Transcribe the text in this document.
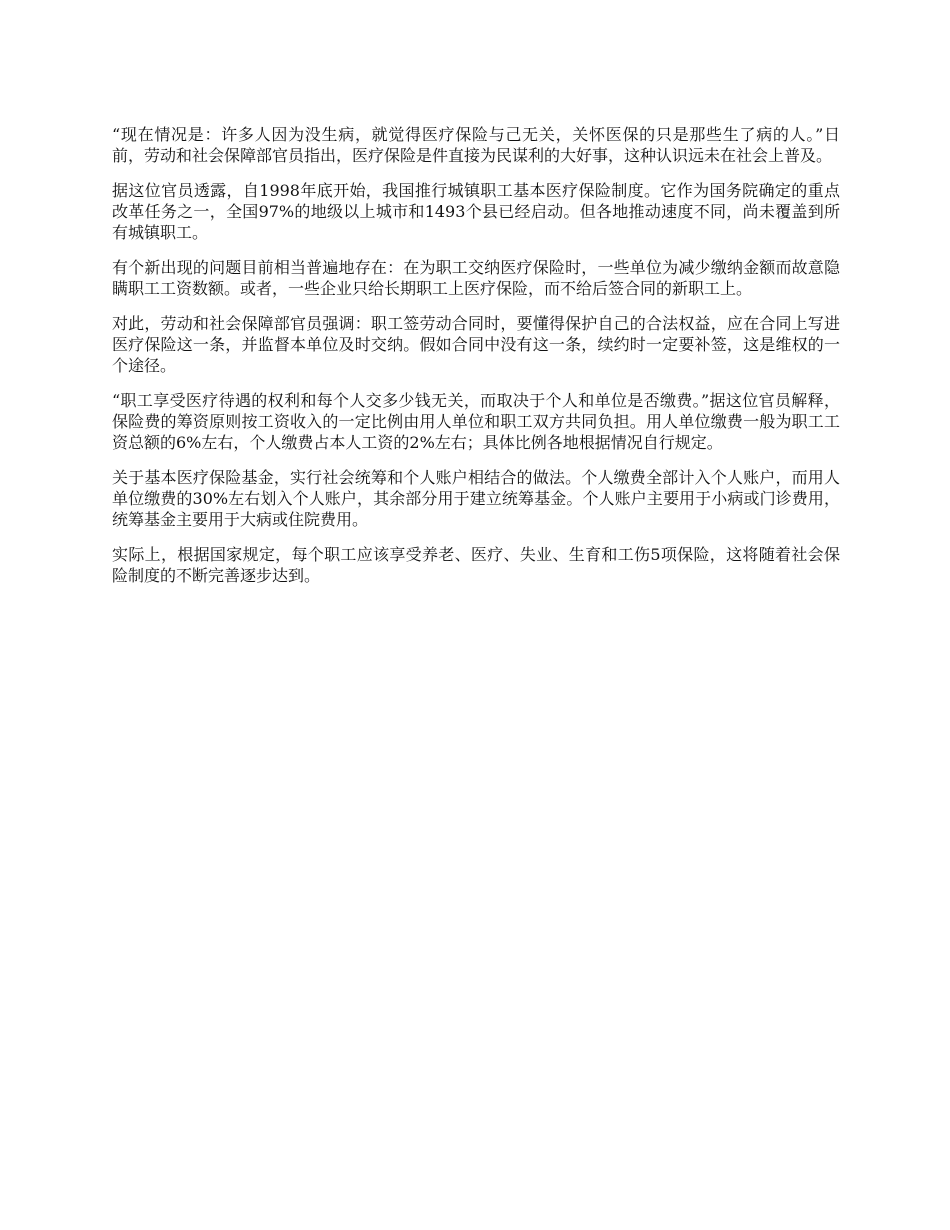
“现在情况是：许多人因为没生病，就觉得医疗保险与己无关，关怀医保的只是那些生了病的人。”日前，劳动和社会保障部官员指出，医疗保险是件直接为民谋利的大好事，这种认识远未在社会上普及。

据这位官员透露，自1998年底开始，我国推行城镇职工基本医疗保险制度。它作为国务院确定的重点改革任务之一，全国97%的地级以上城市和1493个县已经启动。但各地推动速度不同，尚未覆盖到所有城镇职工。

有个新出现的问题目前相当普遍地存在：在为职工交纳医疗保险时，一些单位为减少缴纳金额而故意隐瞒职工工资数额。或者，一些企业只给长期职工上医疗保险，而不给后签合同的新职工上。

对此，劳动和社会保障部官员强调：职工签劳动合同时，要懂得保护自己的合法权益，应在合同上写进医疗保险这一条，并监督本单位及时交纳。假如合同中没有这一条，续约时一定要补签，这是维权的一个途径。

“职工享受医疗待遇的权利和每个人交多少钱无关，而取决于个人和单位是否缴费。”据这位官员解释，保险费的筹资原则按工资收入的一定比例由用人单位和职工双方共同负担。用人单位缴费一般为职工工资总额的6%左右，个人缴费占本人工资的2%左右；具体比例各地根据情况自行规定。

关于基本医疗保险基金，实行社会统筹和个人账户相结合的做法。个人缴费全部计入个人账户，而用人单位缴费的30%左右划入个人账户，其余部分用于建立统筹基金。个人账户主要用于小病或门诊费用，统筹基金主要用于大病或住院费用。

实际上，根据国家规定，每个职工应该享受养老、医疗、失业、生育和工伤5项保险，这将随着社会保险制度的不断完善逐步达到。
